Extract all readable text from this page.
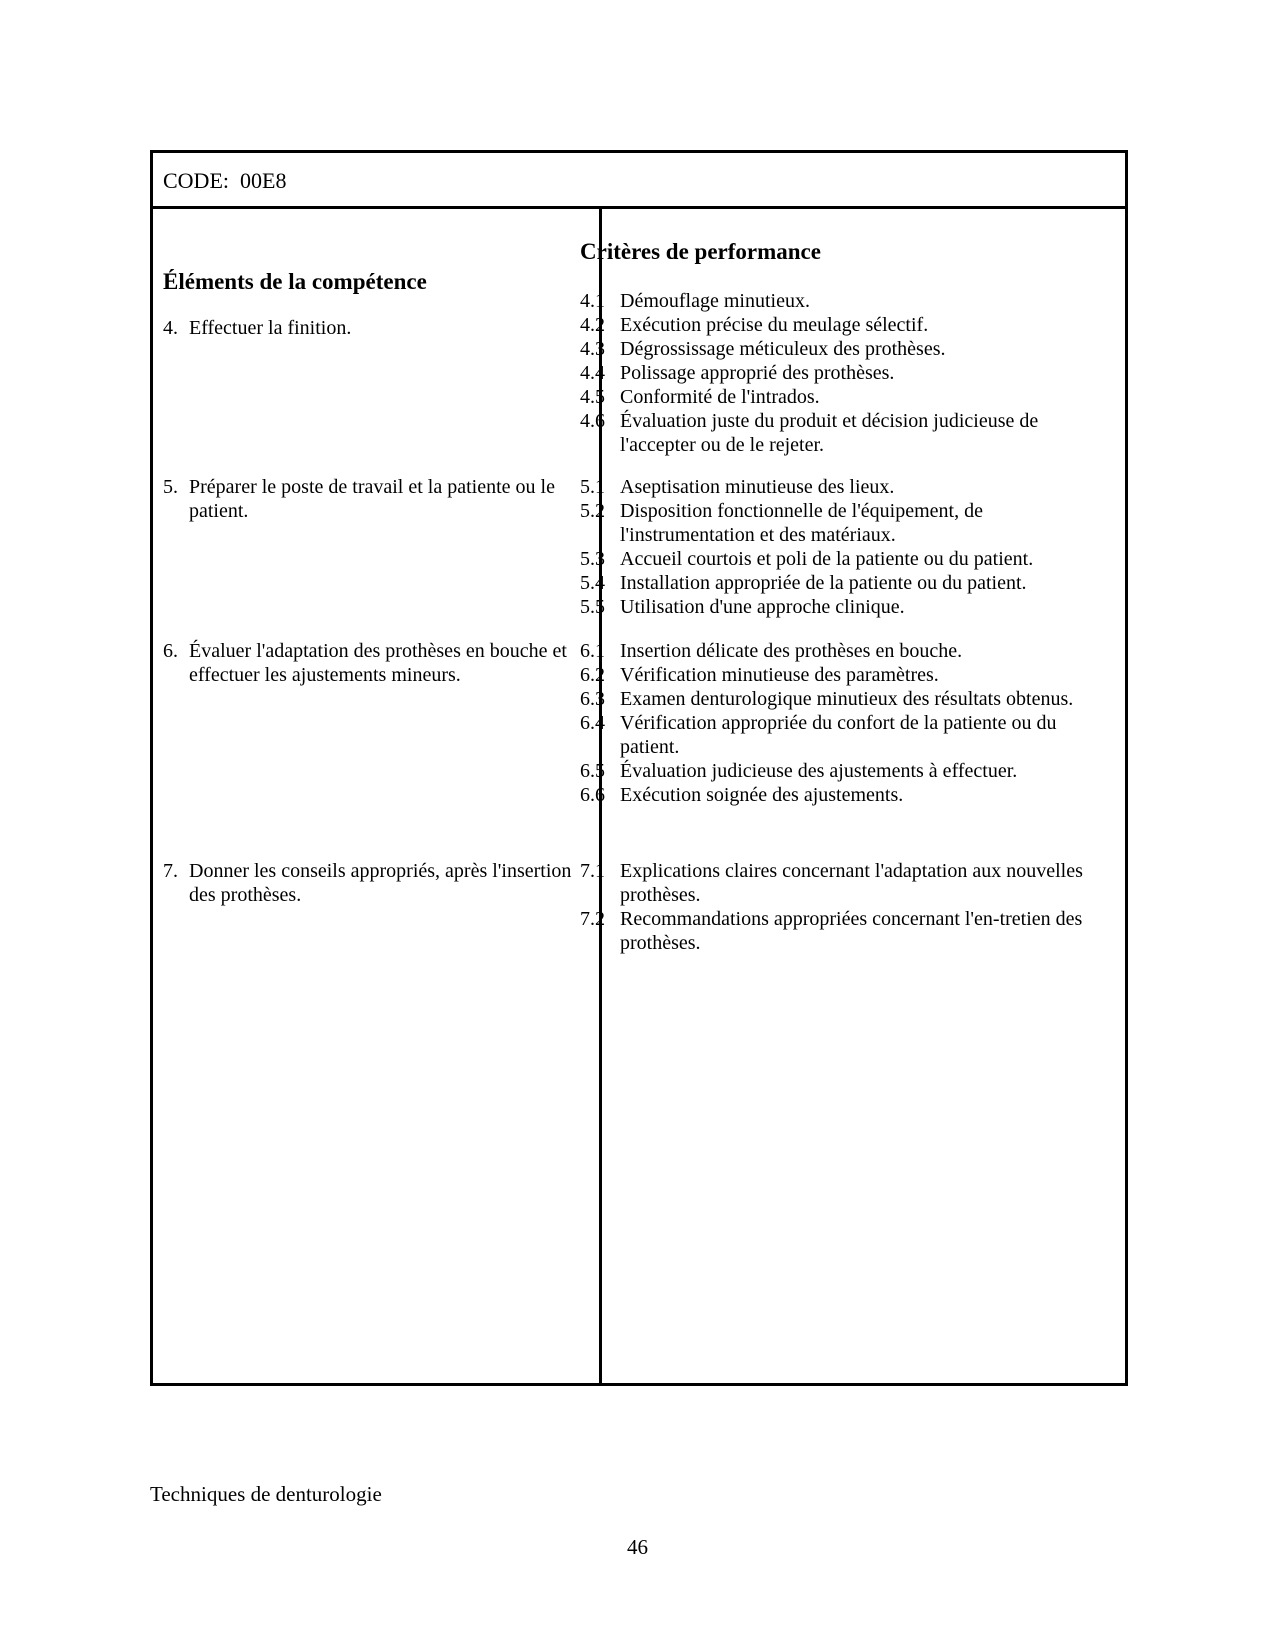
CODE: 00E8
Éléments de la compétence
Critères de performance
4. Effectuer la finition.
4.1 Démouflage minutieux.
4.2 Exécution précise du meulage sélectif.
4.3 Dégrossissage méticuleux des prothèses.
4.4 Polissage approprié des prothèses.
4.5 Conformité de l'intrados.
4.6 Évaluation juste du produit et décision judicieuse de l'accepter ou de le rejeter.
5. Préparer le poste de travail et la patiente ou le patient.
5.1 Aseptisation minutieuse des lieux.
5.2 Disposition fonctionnelle de l'équipement, de l'instrumentation et des matériaux.
5.3 Accueil courtois et poli de la patiente ou du patient.
5.4 Installation appropriée de la patiente ou du patient.
5.5 Utilisation d'une approche clinique.
6. Évaluer l'adaptation des prothèses en bouche et effectuer les ajustements mineurs.
6.1 Insertion délicate des prothèses en bouche.
6.2 Vérification minutieuse des paramètres.
6.3 Examen denturologique minutieux des résultats obtenus.
6.4 Vérification appropriée du confort de la patiente ou du patient.
6.5 Évaluation judicieuse des ajustements à effectuer.
6.6 Exécution soignée des ajustements.
7. Donner les conseils appropriés, après l'insertion des prothèses.
7.1 Explications claires concernant l'adaptation aux nouvelles prothèses.
7.2 Recommandations appropriées concernant l'en-tretien des prothèses.
Techniques de denturologie
46
